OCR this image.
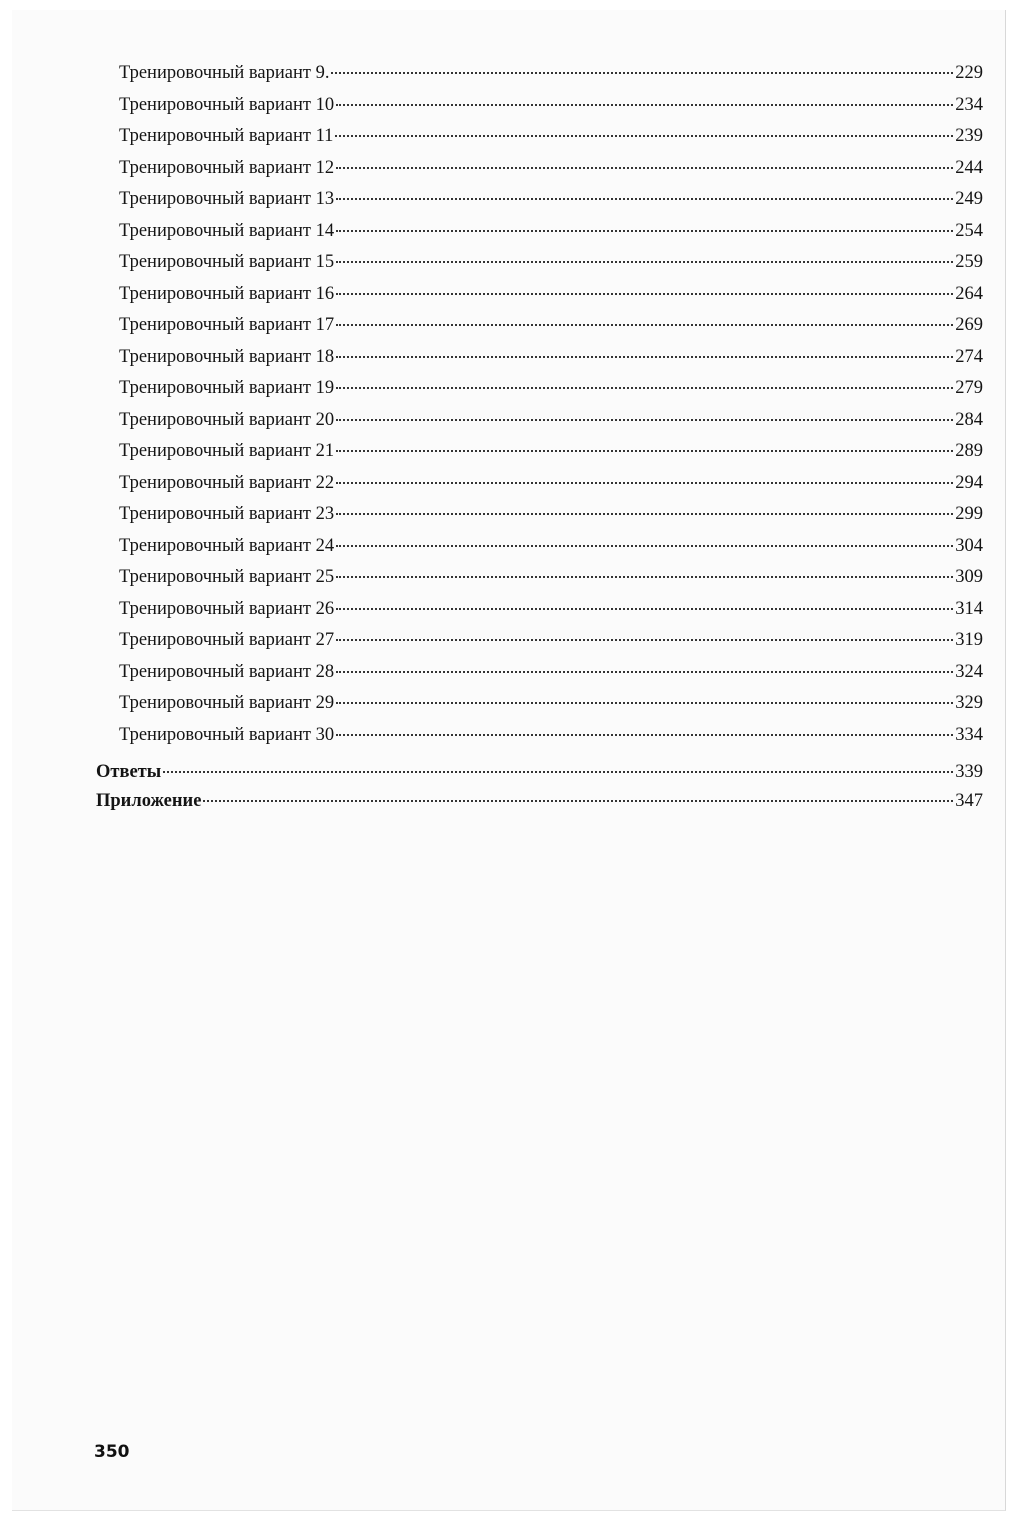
Тренировочный вариант 9.	229
Тренировочный вариант 10	234
Тренировочный вариант 11	239
Тренировочный вариант 12	244
Тренировочный вариант 13	249
Тренировочный вариант 14	254
Тренировочный вариант 15	259
Тренировочный вариант 16	264
Тренировочный вариант 17	269
Тренировочный вариант 18	274
Тренировочный вариант 19	279
Тренировочный вариант 20	284
Тренировочный вариант 21	289
Тренировочный вариант 22	294
Тренировочный вариант 23	299
Тренировочный вариант 24	304
Тренировочный вариант 25	309
Тренировочный вариант 26	314
Тренировочный вариант 27	319
Тренировочный вариант 28	324
Тренировочный вариант 29	329
Тренировочный вариант 30	334
Ответы	339
Приложение	347
350
